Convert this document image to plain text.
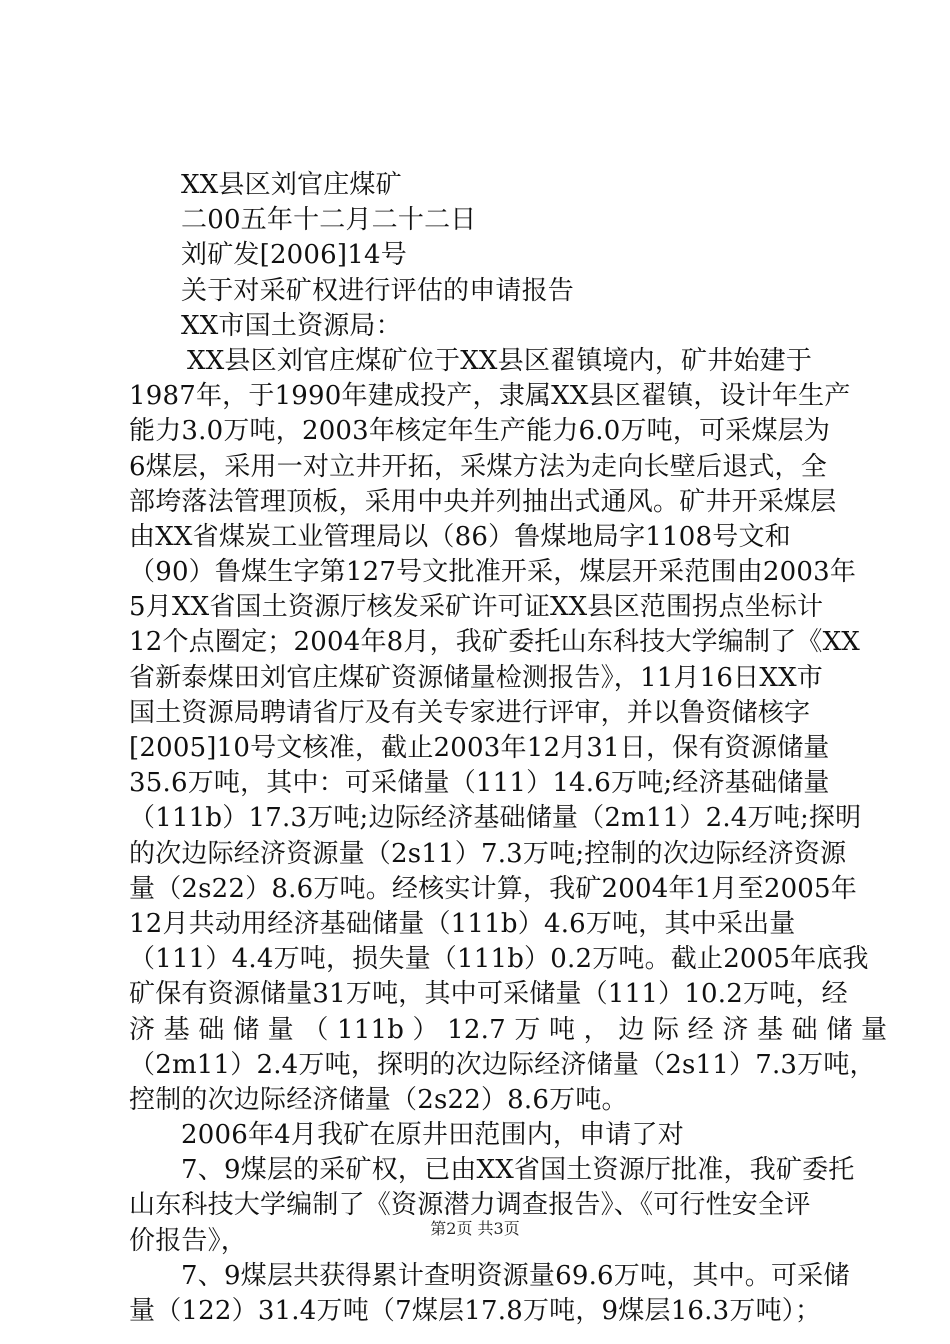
XX县区刘官庄煤矿
二00五年十二月二十二日
刘矿发[2006]14号
关于对采矿权进行评估的申请报告
XX市国土资源局：
XX县区刘官庄煤矿位于XX县区翟镇境内，矿井始建于
1987年，于1990年建成投产，隶属XX县区翟镇，设计年生产
能力3.0万吨，2003年核定年生产能力6.0万吨，可采煤层为
6煤层，采用一对立井开拓，采煤方法为走向长壁后退式，全
部垮落法管理顶板，采用中央并列抽出式通风。矿井开采煤层
由XX省煤炭工业管理局以（86）鲁煤地局字1108号文和
（90）鲁煤生字第127号文批准开采，煤层开采范围由2003年
5月XX省国土资源厅核发采矿许可证XX县区范围拐点坐标计
12个点圈定；2004年8月，我矿委托山东科技大学编制了《XX
省新泰煤田刘官庄煤矿资源储量检测报告》，11月16日XX市
国土资源局聘请省厅及有关专家进行评审，并以鲁资储核字
[2005]10号文核准，截止2003年12月31日，保有资源储量
35.6万吨，其中：可采储量（111）14.6万吨;经济基础储量
（111b）17.3万吨;边际经济基础储量（2m11）2.4万吨;探明
的次边际经济资源量（2s11）7.3万吨;控制的次边际经济资源
量（2s22）8.6万吨。经核实计算，我矿2004年1月至2005年
12月共动用经济基础储量（111b）4.6万吨，其中采出量
（111）4.4万吨，损失量（111b）0.2万吨。截止2005年底我
矿保有资源储量31万吨，其中可采储量（111）10.2万吨，经
济 基 础 储 量 （ 111b ） 12.7 万 吨 ， 边 际 经 济 基 础 储 量
（2m11）2.4万吨，探明的次边际经济储量（2s11）7.3万吨，
控制的次边际经济储量（2s22）8.6万吨。
2006年4月我矿在原井田范围内，申请了对
7、9煤层的采矿权，已由XX省国土资源厅批准，我矿委托
山东科技大学编制了《资源潜力调查报告》、《可行性安全评
价报告》，
7、9煤层共获得累计查明资源量69.6万吨，其中。可采储
量（122）31.4万吨（7煤层17.8万吨，9煤层16.3万吨）；
第2页 共3页
